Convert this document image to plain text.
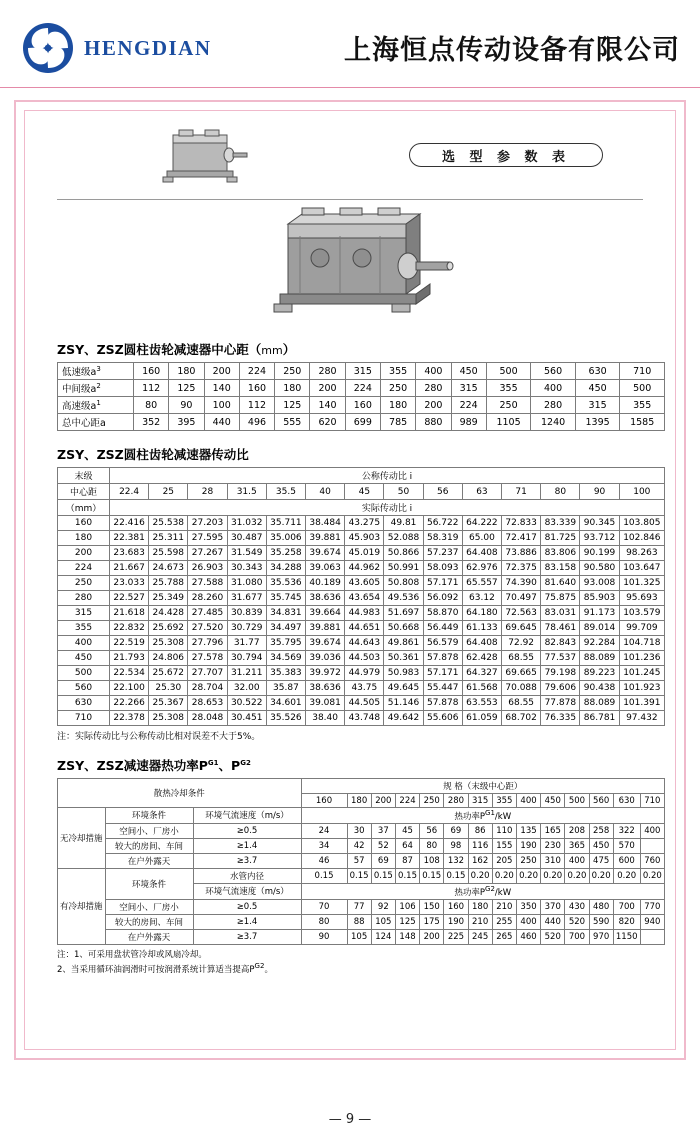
HENGDIAN	上海恒点传动设备有限公司
选 型 参 数 表
ZSY、ZSZ圆柱齿轮减速器中心距（mm）
低速级$a^3$	160	180	200	224	250	280	315	355	400	450	500	560	630	710
中间级$a^2$	112	125	140	160	180	200	224	250	280	315	355	400	450	500
高速级$a^1$	80	90	100	112	125	140	160	180	200	224	250	280	315	355
总中心距a	352	395	440	496	555	620	699	785	880	989	1105	1240	1395	1585
ZSY、ZSZ圆柱齿轮减速器传动比
末级	公称传动比 i													
中心距	22.4	25	28	31.5	35.5	40	45	50	56	63	71	80	90	100
（mm）	实际传动比 i													
160	22.416	25.538	27.203	31.032	35.711	38.484	43.275	49.81	56.722	64.222	72.833	83.339	90.345	103.805
180	22.381	25.311	27.595	30.487	35.006	39.881	45.903	52.088	58.319	65.00	72.417	81.725	93.712	102.846
200	23.683	25.598	27.267	31.549	35.258	39.674	45.019	50.866	57.237	64.408	73.886	83.806	90.199	98.263
224	21.667	24.673	26.903	30.343	34.288	39.063	44.962	50.991	58.093	62.976	72.375	83.158	90.580	103.647
250	23.033	25.788	27.588	31.080	35.536	40.189	43.605	50.808	57.171	65.557	74.390	81.640	93.008	101.325
280	22.527	25.349	28.260	31.677	35.745	38.636	43.654	49.536	56.092	63.12	70.497	75.875	85.903	95.693
315	21.618	24.428	27.485	30.839	34.831	39.664	44.983	51.697	58.870	64.180	72.563	83.031	91.173	103.579
355	22.832	25.692	27.520	30.729	34.497	39.881	44.651	50.668	56.449	61.133	69.645	78.461	89.014	99.709
400	22.519	25.308	27.796	31.77	35.795	39.674	44.643	49.861	56.579	64.408	72.92	82.843	92.284	104.718
450	21.793	24.806	27.578	30.794	34.569	39.036	44.503	50.361	57.878	62.428	68.55	77.537	88.089	101.236
500	22.534	25.672	27.707	31.211	35.383	39.972	44.979	50.983	57.171	64.327	69.665	79.198	89.223	101.245
560	22.100	25.30	28.704	32.00	35.87	38.636	43.75	49.645	55.447	61.568	70.088	79.606	90.438	101.923
630	22.266	25.367	28.653	30.522	34.601	39.081	44.505	51.146	57.878	63.553	68.55	77.878	88.089	101.391
710	22.378	25.308	28.048	30.451	35.526	38.40	43.748	49.642	55.606	61.059	68.702	76.335	86.781	97.432
注：实际传动比与公称传动比相对误差不大于5%。
ZSY、ZSZ减速器热功率$P^{G1}$、$P^{G2}$
散热冷却条件			规 格（末级中心距）													
			160	180	200	224	250	280	315	355	400	450	500	560	630	710
无冷却措施	环境条件	环境气流速度（m/s）	热功率$P^{G1}/kW$													
	空间小、厂房小	≥0.5	24	30	37	45	56	69	86	110	135	165	208	258	322	400
	较大的房间、车间	≥1.4	34	42	52	64	80	98	116	155	190	230	365	450	570	
	在户外露天	≥3.7	46	57	69	87	108	132	162	205	250	310	400	475	600	760
有冷却措施	环境条件	水管内径	0.15	0.15	0.15	0.15	0.15	0.15	0.20	0.20	0.20	0.20	0.20	0.20	0.20	0.20
		环境气流速度（m/s）	热功率$P^{G2}/kW$													
	空间小、厂房小	≥0.5	70	77	92	106	150	160	180	210	350	370	430	480	700	770
	较大的房间、车间	≥1.4	80	88	105	125	175	190	210	255	400	440	520	590	820	940
	在户外露天	≥3.7	90	105	124	148	200	225	245	265	460	520	700	970	1150	
注：1、可采用盘状管冷却或风扇冷却。
2、当采用循环油润滑时可按润滑系统计算适当提高$P^{G2}$。
— 9 —
